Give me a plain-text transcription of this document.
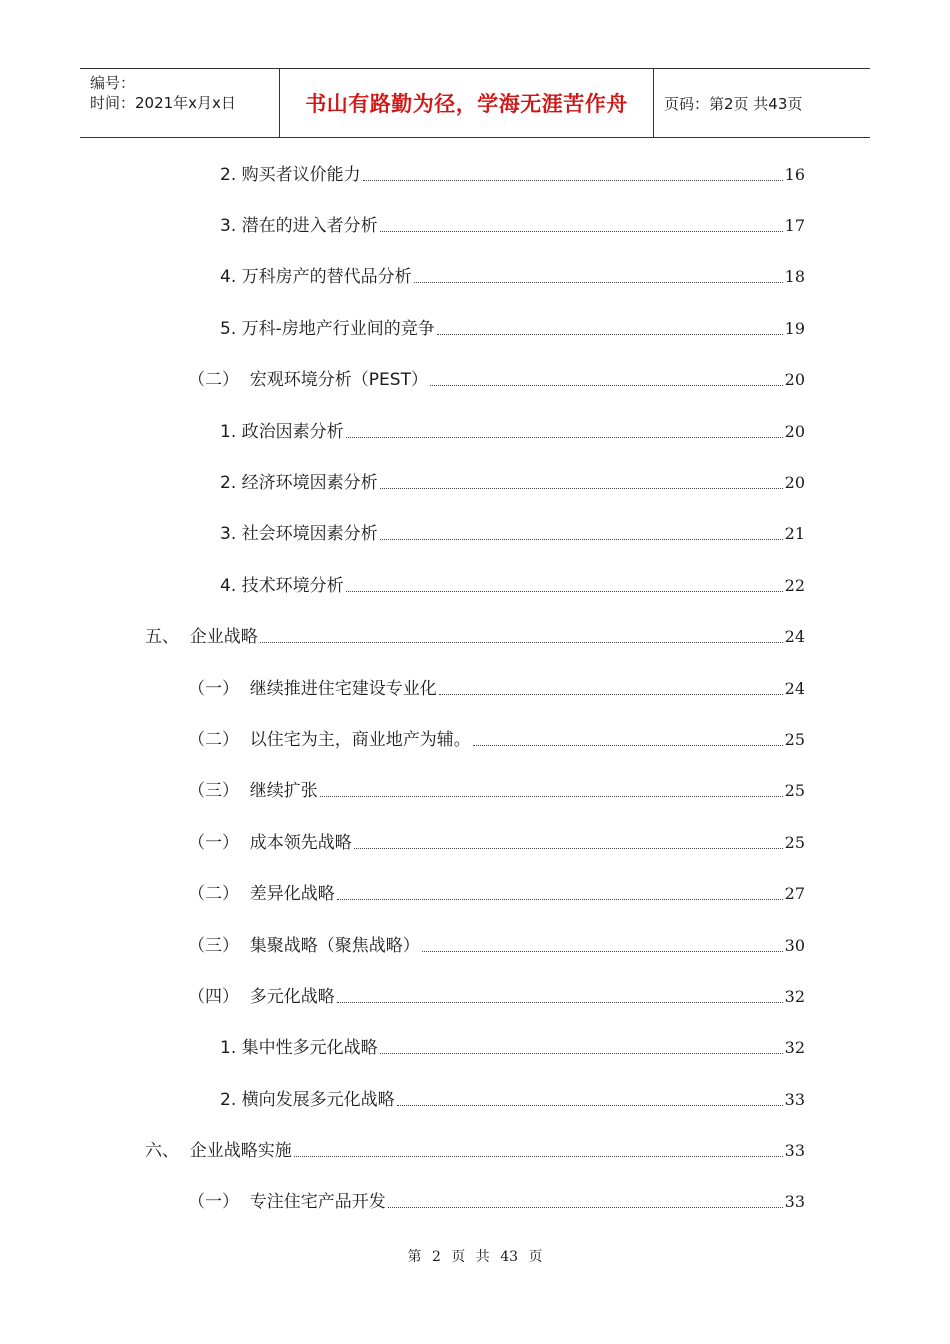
编号：
时间：2021年x月x日	书山有路勤为径，学海无涯苦作舟	页码：第2页 共43页
2. 购买者议价能力	16
3. 潜在的进入者分析	17
4. 万科房产的替代品分析	18
5. 万科-房地产行业间的竞争	19
（二）  宏观环境分析（PEST）	20
1. 政治因素分析	20
2. 经济环境因素分析	20
3. 社会环境因素分析	21
4. 技术环境分析	22
五、  企业战略	24
（一）  继续推进住宅建设专业化	24
（二）  以住宅为主，商业地产为辅。	25
（三）  继续扩张	25
（一）  成本领先战略	25
（二）  差异化战略	27
（三）  集聚战略（聚焦战略）	30
（四）  多元化战略	32
1. 集中性多元化战略	32
2. 横向发展多元化战略	33
六、  企业战略实施	33
（一）  专注住宅产品开发	33
第 2 页 共 43 页
